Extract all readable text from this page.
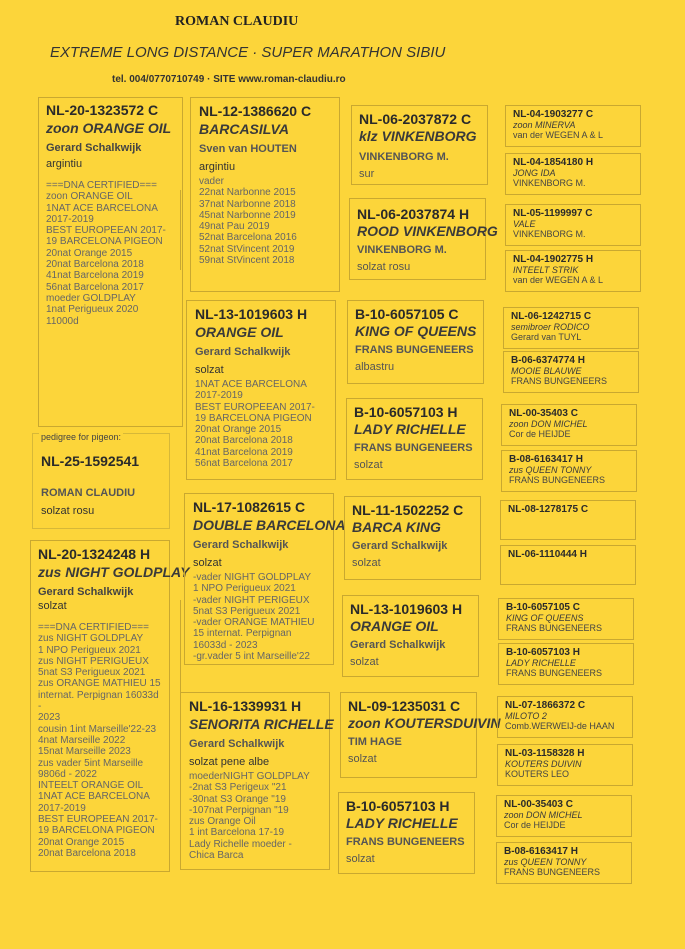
ROMAN CLAUDIU
EXTREME LONG DISTANCE · SUPER MARATHON SIBIU
tel. 004/0770710749 · SITE www.roman-claudiu.ro
NL-20-1323572 C
zoon ORANGE OIL
Gerard Schalkwijk
argintiu
===DNA CERTIFIED===
zoon ORANGE OIL
1NAT ACE BARCELONA
2017-2019
BEST EUROPEEAN 2017-
19 BARCELONA PIGEON
20nat Orange 2015
20nat Barcelona 2018
41nat Barcelona 2019
56nat Barcelona 2017
moeder GOLDPLAY
1nat Perigueux 2020
11000d
pedigree for pigeon:
NL-25-1592541
ROMAN CLAUDIU
solzat rosu
NL-20-1324248 H
zus NIGHT GOLDPLAY
Gerard Schalkwijk
solzat
===DNA CERTIFIED===
zus NIGHT GOLDPLAY
1 NPO Perigueux 2021
zus NIGHT PERIGUEUX
5nat S3 Perigueux 2021
zus ORANGE MATHIEU 15
internat. Perpignan 16033d -
2023
cousin 1int Marseille'22-23
4nat Marseille 2022
15nat Marseille 2023
zus vader 5int Marseille
9806d - 2022
INTEELT ORANGE OIL
1NAT ACE BARCELONA
2017-2019
BEST EUROPEEAN 2017-
19 BARCELONA PIGEON
20nat Orange 2015
20nat Barcelona 2018
NL-12-1386620 C
BARCASILVA
Sven van HOUTEN
argintiu
vader
22nat Narbonne 2015
37nat Narbonne 2018
45nat Narbonne 2019
49nat Pau 2019
52nat Barcelona 2016
52nat StVincent 2019
59nat StVincent 2018
NL-13-1019603 H
ORANGE OIL
Gerard Schalkwijk
solzat
1NAT ACE BARCELONA
2017-2019
BEST EUROPEEAN 2017-
19 BARCELONA PIGEON
20nat Orange 2015
20nat Barcelona 2018
41nat Barcelona 2019
56nat Barcelona 2017
NL-17-1082615 C
DOUBLE BARCELONA
Gerard Schalkwijk
solzat
-vader NIGHT GOLDPLAY
1 NPO Perigueux 2021
-vader NIGHT PERIGEUX
5nat S3 Perigueux 2021
-vader ORANGE MATHIEU
15 internat. Perpignan
16033d - 2023
-gr.vader 5 int Marseille'22
NL-16-1339931 H
SENORITA RICHELLE
Gerard Schalkwijk
solzat pene albe
moederNIGHT GOLDPLAY
-2nat S3 Perigeux "21
-30nat S3 Orange "19
-107nat Perpignan "19
zus Orange Oil
1 int Barcelona 17-19
Lady Richelle moeder -
Chica Barca
NL-06-2037872 C
klz VINKENBORG
VINKENBORG M.
sur
NL-06-2037874 H
ROOD VINKENBORG
VINKENBORG M.
solzat rosu
B-10-6057105 C
KING OF QUEENS
FRANS BUNGENEERS
albastru
B-10-6057103 H
LADY RICHELLE
FRANS BUNGENEERS
solzat
NL-11-1502252 C
BARCA KING
Gerard Schalkwijk
solzat
NL-13-1019603 H
ORANGE OIL
Gerard Schalkwijk
solzat
NL-09-1235031 C
zoon KOUTERSDUIVIN
TIM HAGE
solzat
B-10-6057103 H
LADY RICHELLE
FRANS BUNGENEERS
solzat
NL-04-1903277 C
zoon MINERVA
van der WEGEN A & L
NL-04-1854180 H
JONG IDA
VINKENBORG M.
NL-05-1199997 C
VALE
VINKENBORG M.
NL-04-1902775 H
INTEELT STRIK
van der WEGEN A & L
NL-06-1242715 C
semibroer RODICO
Gerard van TUYL
B-06-6374774 H
MOOIE BLAUWE
FRANS BUNGENEERS
NL-00-35403 C
zoon DON MICHEL
Cor de HEIJDE
B-08-6163417 H
zus QUEEN TONNY
FRANS BUNGENEERS
NL-08-1278175 C
NL-06-1110444 H
B-10-6057105 C
KING OF QUEENS
FRANS BUNGENEERS
B-10-6057103 H
LADY RICHELLE
FRANS BUNGENEERS
NL-07-1866372 C
MILOTO 2
Comb.WERWEIJ-de HAAN
NL-03-1158328 H
KOUTERS DUIVIN
KOUTERS LEO
NL-00-35403 C
zoon DON MICHEL
Cor de HEIJDE
B-08-6163417 H
zus QUEEN TONNY
FRANS BUNGENEERS
